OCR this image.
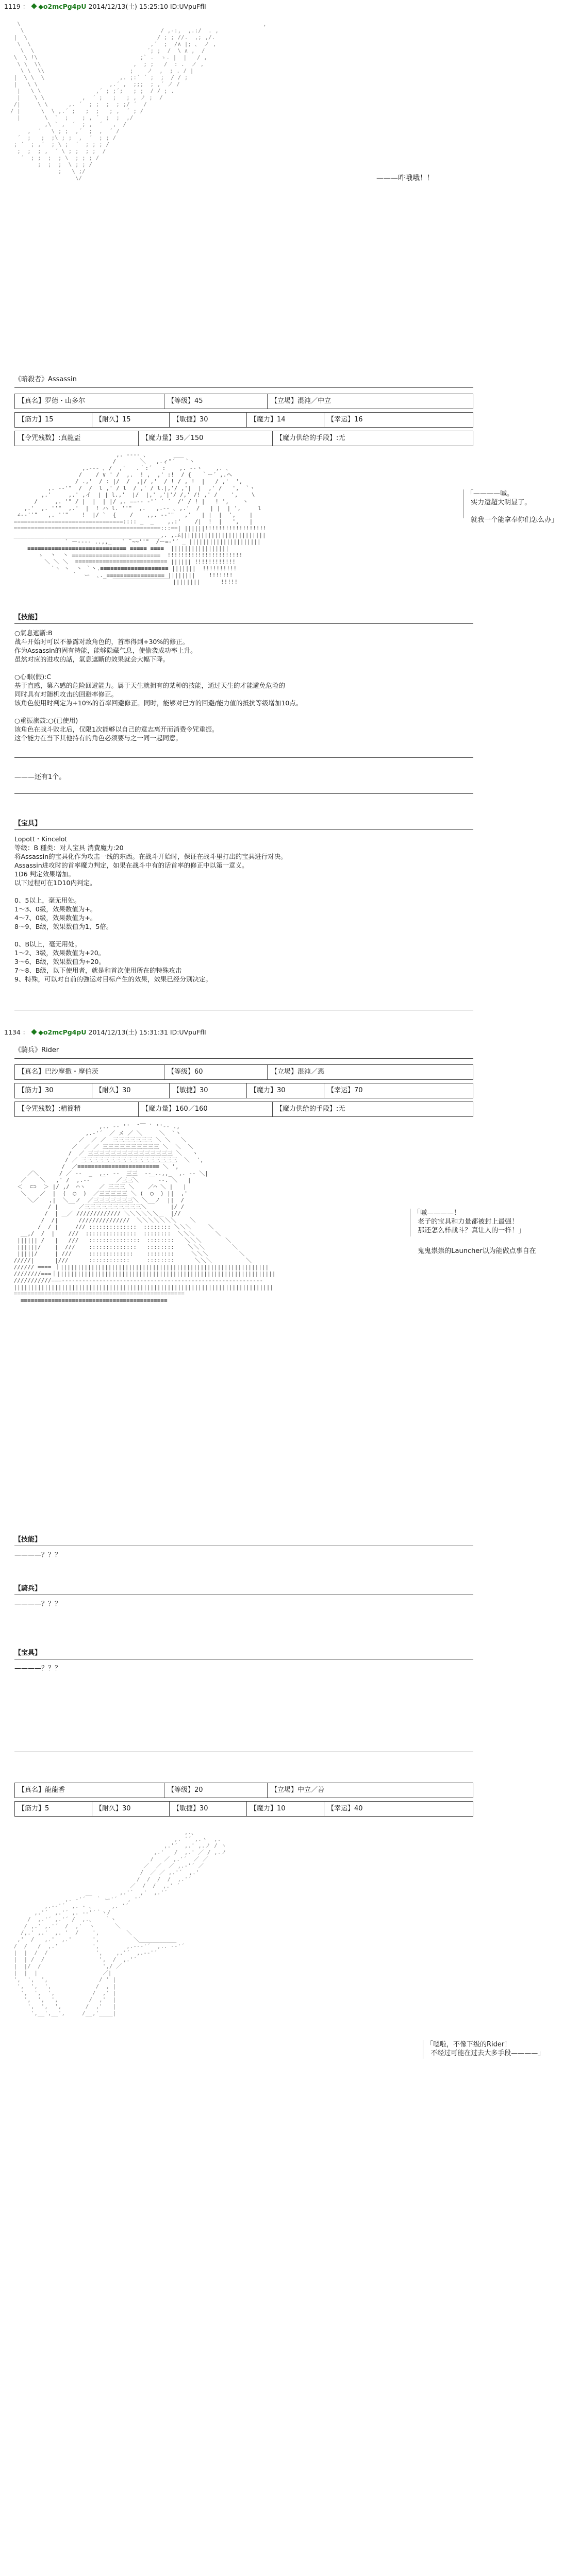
1119 ： ◆o2mcPg4pU 2014/12/13(土) 15:25:10 ID:UVpuFflI
\                                                                       ,
\                                        / ,-:,  ,.:/  . ,
|  \                                      / ; ; //.  ,; ,/.
\  \                                   ,´  ;  /∧ |; 、 ノ ,
\  \                                 ´; ;  /  \ ∧ ,  /
\  \ !\                              ;` .  ゝ. |  |   / ,
\ \  \\                           ,  ; ;   /  : .  ノ ,
\ \  \\                         ;    ノ  ,  ; . / |
|  \ \  \                      ,. ;:´ ´ ;  ;  / / ;
|   \ \                     ,.´ ,  ;;;  ; ,´ ノ /
|   \ \                ,´ ; ;´;   ; ;  / / ; .
|    \ \           ,  ´ ;   ;   ; , ノ ;  /
/|     \ \      ,. ´  ; ;  ;  ; ;/ ´  /
/ |      \  \ ,.´ ;   ;  ;   ; ,  ´ ; /
|       \  `  ;    ; , ´  ;  ;  ,/
,\ ` ,  ´  ; ,  ´   ,  /
,  ´   \ ; ;  ,´  ;  ,  ´ /
´  ;   ;  ;\ ; ;  ,  ´  ; ; /
; ´  ; ,´  ; \ ;  ´  ; ; ; /
;  ;  ; ,  ´ \ ; ;  ; ;  /
´  ; ;  ;  ; \  ; ; ; /
;  ;  ;  \ ; ; /
;   \ ;/
\/	———吽哦哦！！
《暗殺者》Assassin
【真名】罗德・山多尔	【等级】45	【立場】混沌／中立
【筋力】15	【耐久】15	【敏捷】30	【魔力】14	【幸运】16
【令咒残数】:真龍盃	【魔力量】35／150	【魔力供给的手段】:无
,. --‐‐ ､        ___
/       ＼   ,.ィ"´   `ヽ
,.--‐ ､ /  ,'   .｀:´   :    ,. -‐ヽ    ,. ､
/    / ∨ ' /  ,.  ! ,  ,' :!  / {   ｀ー´ ,.ヘ
/ .,'  / : |/  /  ,|/ ,'  / ! / , !  |   / ,'  ',
,. -‐'"  /  /  l ,' / l  / ,' / l.|,'/ ,'|  |  ,' /   ',  `ヽ
,.'     ,.' ,イ  | | l.,'  |/  |,' ,'|'/ /,' /! ,' /    ',    \
/     ,. '" / |  |  | |/ ,. ==-‐ ‐'´ ´ ´  /' / ! |   ! ',    ヽ
,.'  ,. ''"  ,.'  |  ! ハ l. ''"  ,.   ,.-‐ ､ ,.'  /   | |  | ',     l
∠-‐''"   ,. ''"    !  |/ `  {    /    ,,. -‐'"   ,'   | |  |  ',    |
================================:::: _  _    ,.:'    /|  !  |   ',   |
===========================================:::==| ||||||!!!!!!!!!!!!!!!!!!
___________________________________________,. ,.ﾑ|||||||||||||||||||||||||
` ー‐--- ..,,_   ` ¨~~''"  /ー=‐'´ _ |||||||||||||||||||||
≡≡≡≡≡≡≡≡≡≡≡≡≡≡≡≡≡≡≡≡≡≡≡≡≡≡≡≡≡ ≡≡≡≡≡ ≡≡≡≡  |||||||||||||||||
ゝ  丶  丶 ≡≡≡≡≡≡≡≡≡≡≡≡≡≡≡≡≡≡≡≡≡≡≡≡≡≡  !!!!!!!!!!!!!!!!!!!!!!
＼ ＼ ＼  ≡≡≡≡≡≡≡≡≡≡≡≡≡≡≡≡≡≡≡≡≡≡≡≡≡≡≡ |||||| !!!!!!!!!!!!
`ヽ ヽ  丶 ｀丶.≡≡≡≡≡≡≡≡≡≡≡≡≡≡≡≡≡≡≡≡ |||||||  !!!!!!!!!!
｀  ー  ､._≡≡≡≡≡≡≡≡≡≡≡≡≡≡≡≡≡ ||||||||    !!!!!!!
￣￣￣￣￣￣￣￣￣￣ ||||||||      !!!!!
「————嘁。
实力還超大明显了。
就我一个能拿奉你们怎么办」
【技能】
○氣息遮斷:B
战斗开始时可以不暴露对敌角色的，首率得到+30%的修正。
作为Assassin的固有特能，能够隐藏气息，使偷袭成功率上升。
虽然对应的进攻的話，氣息遮斷的效果就会大幅下降。
○心眼(假):C
基于直感，第六感的危险回避能力。属于天生就拥有的某种的技能，通过天生的才能避免危险的
同时具有对随机攻击的回避率修正。
该角色使用时判定为+10%的首率回避修正。同时，能够对已方的回避/能力值的抵抗等级增加10点。
○重振旗鼓:○(已使用)
该角色在战斗败北后，仅限1次能够以自己的意志离开而消费令咒重振。
这个能力在当下其他持有的角色必须要与之一同一起同意。
———还有1个。
【宝具】
Lopott・Kincelot
等级：B 種类：对人宝具 消費魔力:20
将Assassin的宝具化作为攻击一线的东西。在战斗开始时，保证在战斗里打出的宝具进行对决。
Assassin进攻时的首率魔力判定，如果在战斗中有的话首率的修正中以第一意义。
1D6 判定效果增加。
以下过程可在1D10内判定。
0、5以上，毫无用处。
1〜3、0级，效果数值为+。
4〜7、0级，效果数值为+。
8〜9、B级，效果数值为1、5倍。
0、B以上，毫无用处。
1〜2、3级，效果数值为+20。
3〜6、B级，效果数值为+20。
7〜8、B级，以下使用者，就是和首次使用所在的特殊攻击
9、特殊，可以对自前的強运对目标产生的效果，效果已经分别决定。
1134 ： ◆o2mcPg4pU 2014/12/13(土) 15:31:31 ID:UVpuFflI
《騎兵》Rider
【真名】巴沙摩撒・摩伯茨	【等级】60	【立場】混沌／恶
【筋力】30	【耐久】30	【敏捷】30	【魔力】30	【幸运】70
【令咒残数】:精簡精	【魔力量】160／160	【魔力供给的手段】:无
,.. -‐ ''  ̄ ￣ ` ''‐- .,
,.‐'´  ／ メ ／ ＼     ＼  `丶
／  ／ ／  三三三三三三三 ＼ ＼   ＼
／  ／ ／ 三三三三三三三三三三 ＼  ＼  ＼
/  ／ 三三三三三三三三三三三三三三三 ＼   ヽ
/ ／ 三三三三三三三三三三三三三三三三三  ＼  ',
/  ／≡≡≡≡≡≡≡≡≡≡≡≡≡≡≡≡≡≡≡≡≡≡≡≡ ＼ ',
／＼      / ／ ‐-  _  ,.. -‐  三三  ‐- ..,,_  ,. -‐ ＼|
／    ＼   ,' /  ,.-‐   ￣   ／三三＼   ￣ ‐-. ＼   |
＜  ⊂⊃  ＞ |/ ,/  ⌒ヽ    ／ 三三三 ＼    ／⌒ ＼ |   |
＼    ／  |  (  ◯  )  ／三三三三三 ＼ (  ◯  ) ||  ,'
＼／   ,|  ＼__ノ  ／三三三三三三三＼ ＼__ノ  ||  /
/ |      ／三三三三三三三三三三＼       |/ /
/  | ＿／ ///////////// ＼＼＼＼＼＼＿  |//
/  /|      ///////////////  ＼＼＼＼＼＼＼    ＼
/  / |     /// ::::::::::::::  :::::::: ＼＼＼     ＼
__,/  /  |    ///  :::::::::::::::  ::::::::  ＼＼＼      ＼
|||||| /   |   ///   :::::::::::::::  ::::::::   ＼＼＼       ＼
||||||/    |  ///    ::::::::::::::   ::::::::    ＼＼＼        ＼
|||||/     | ///     :::::::::::::    ::::::::     ＼＼＼         ＼
/////|      |///      ::::::::::::     ::::::::      ＼＼＼          ＼
////// ==== ｜|||||||||||||||||||||||||||||||||||||||||||||||||||||||||||||
////////===｜||||||||||||||||||||||||||||||||||||||||||||||||||||||||||||||||
///////////===-----------------------------------------------------------
||||||||||||||||||||||||||||||||||||||||||||||||||||||||||||||||||||||||||||
≡≡≡≡≡≡≡≡≡≡≡≡≡≡≡≡≡≡≡≡≡≡≡≡≡≡≡≡≡≡≡≡≡≡≡≡≡≡≡≡≡≡≡≡≡≡≡≡≡≡
≡≡≡≡≡≡≡≡≡≡≡≡≡≡≡≡≡≡≡≡≡≡≡≡≡≡≡≡≡≡≡≡≡≡≡≡≡≡≡≡≡≡≡
「嘁————！
老子的宝具和力量都被封上最强！
那还怎么样战斗？真让人的一样！」
鬼鬼祟祟的Launcher以为能做点事自在
【技能】
————？？？
【騎兵】
————？？？
【宝具】
————？？？
【真名】龍龍香	【等级】20	【立場】中立／善
【筋力】5	【耐久】30	【敏捷】30	【魔力】10	【幸运】40
,.、
,. '´ ,.ヽ  ,.
,.'´  ,.' ,.ノ / ヽ
,.'   /  ,.' ／ / ,.ノ
/   ／ ,.'´  ／ ／
／  ／  ／ ,.‐'´ ／
/  ／ ／ ,.'´  ,.'
/  /  /  /  ,.'´
／  /  /  ,.' ´
__        ,.'´  ,'  ,.'´
,. ‐'´   ｀ ー'´   , '´
,.-‐'´  ,. ‐ 、     ,. '´
,.'´  ,.'´ ,. -‐'´｀ヽ/
/  ,.'´ ,.'´ /  ,.、   ｀ヽ
/ ,.' ,.'´  /  ,'  ヽ      ＼
/,.' ,.'  ,. '  /    ',        ＼
,'  /   ,.'  ,.'      ',          ＼___________
/  /   /  ,.'          ',        ,.-‐‐'´  ,.. -‐'´
|  |  /  /              ',    ,.'´  ,.-‐'´
|  | /  /                ',  /  ,.'´
|  |/  /                  ',/ ／
|  |  |                   ／|
',  ',  ',               / ' |
',  ',  ',             /  , |
',  ',  ',           /  ,' |
',  ',  ',         /  ,'  |
',  ',  ',       /  ,'   |
',__',__',     /__,'____|
「嗯啦，不像下级的Rider！
不经过可能在过去大多手段————」
